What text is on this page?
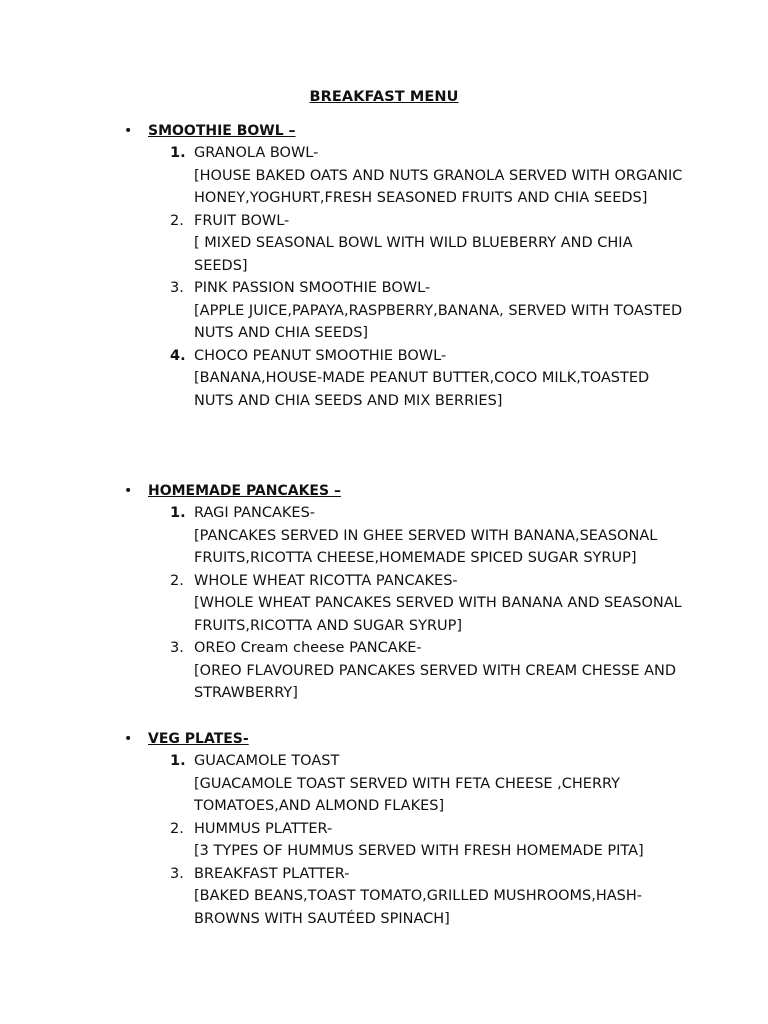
BREAKFAST MENU
• SMOOTHIE BOWL –
1. GRANOLA BOWL-
[HOUSE BAKED OATS AND NUTS GRANOLA SERVED WITH ORGANIC HONEY,YOGHURT,FRESH SEASONED FRUITS AND CHIA SEEDS]
2. FRUIT BOWL-
[ MIXED SEASONAL BOWL WITH WILD BLUEBERRY AND CHIA SEEDS]
3. PINK PASSION SMOOTHIE BOWL-
[APPLE JUICE,PAPAYA,RASPBERRY,BANANA, SERVED WITH TOASTED NUTS AND CHIA SEEDS]
4. CHOCO PEANUT SMOOTHIE BOWL-
[BANANA,HOUSE-MADE PEANUT BUTTER,COCO MILK,TOASTED NUTS AND CHIA SEEDS AND MIX BERRIES]
• HOMEMADE PANCAKES –
1. RAGI PANCAKES-
[PANCAKES SERVED IN GHEE SERVED WITH BANANA,SEASONAL FRUITS,RICOTTA CHEESE,HOMEMADE SPICED SUGAR SYRUP]
2. WHOLE WHEAT RICOTTA PANCAKES-
[WHOLE WHEAT PANCAKES SERVED WITH BANANA AND SEASONAL FRUITS,RICOTTA AND SUGAR SYRUP]
3. OREO Cream cheese PANCAKE-
[OREO FLAVOURED PANCAKES SERVED WITH CREAM CHESSE AND STRAWBERRY]
• VEG PLATES-
1. GUACAMOLE TOAST
[GUACAMOLE TOAST SERVED WITH FETA CHEESE ,CHERRY TOMATOES,AND ALMOND FLAKES]
2. HUMMUS PLATTER-
[3 TYPES OF HUMMUS SERVED WITH FRESH HOMEMADE PITA]
3. BREAKFAST PLATTER-
[BAKED BEANS,TOAST TOMATO,GRILLED MUSHROOMS,HASH-BROWNS WITH SAUTÉED SPINACH]
